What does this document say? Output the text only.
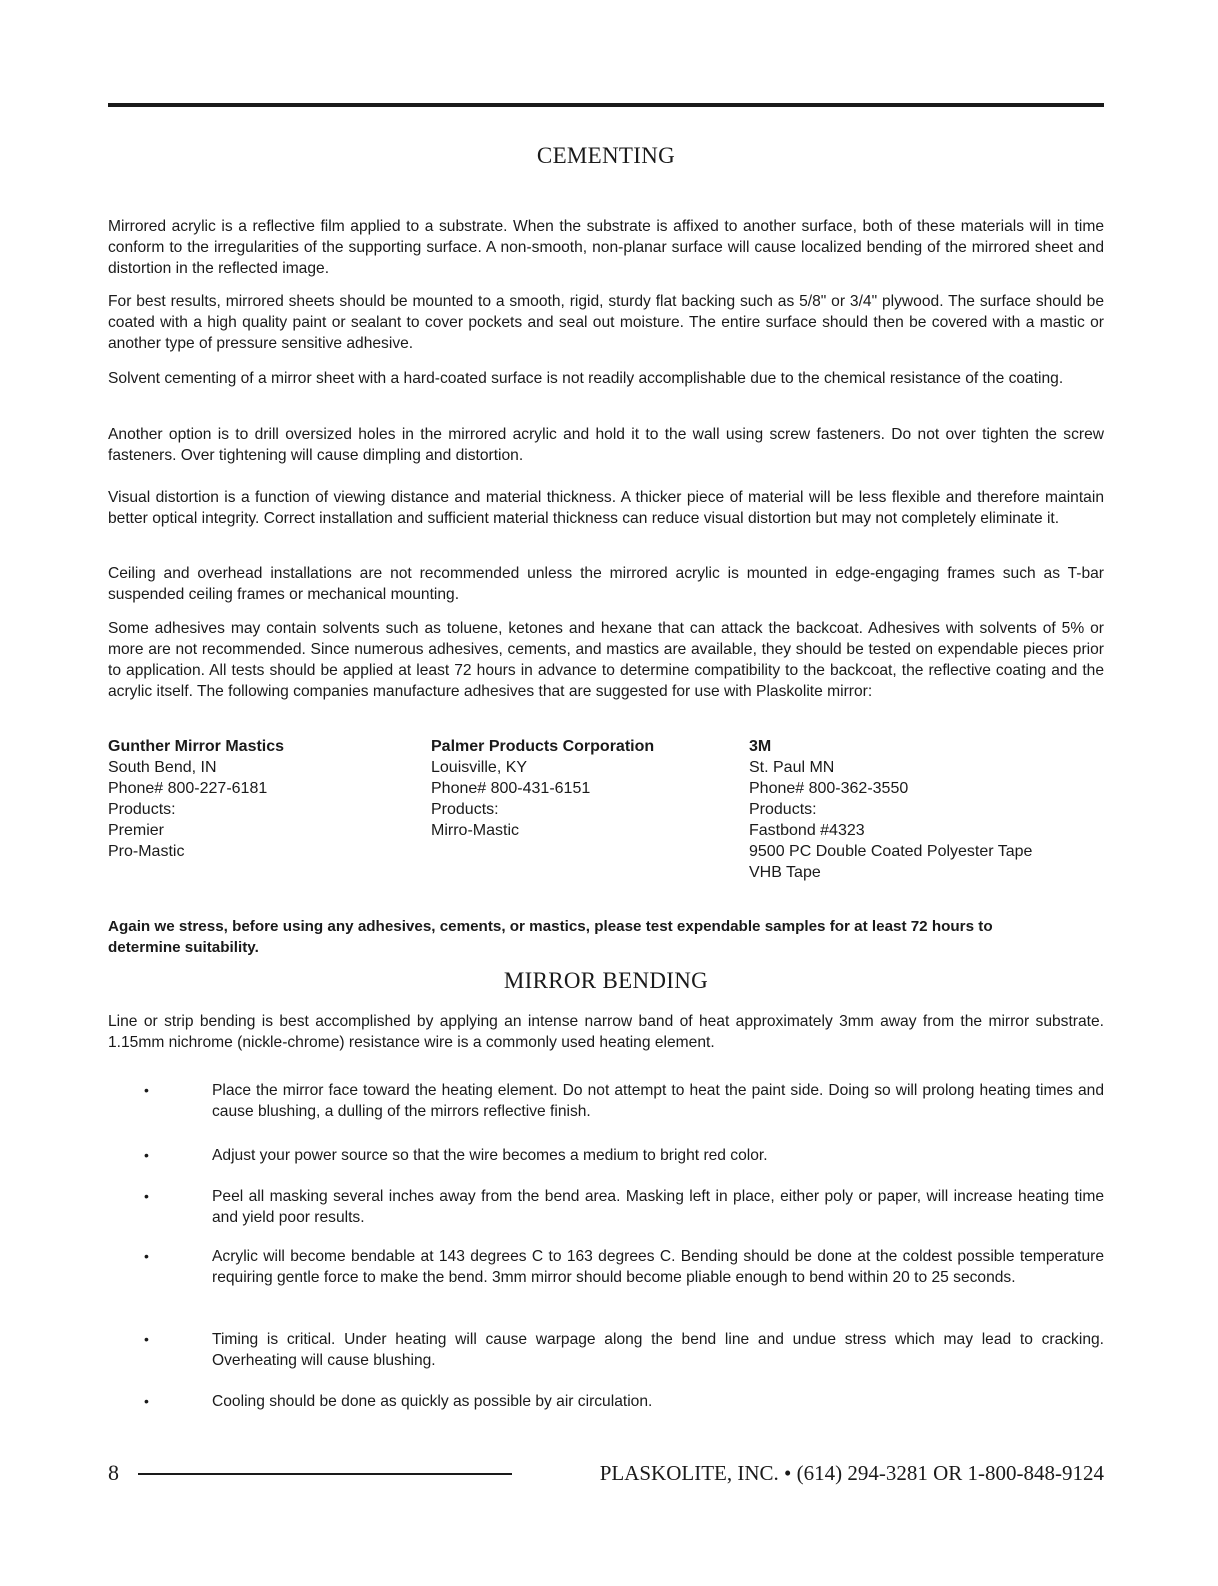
CEMENTING

Mirrored acrylic is a reflective film applied to a substrate. When the substrate is affixed to another surface, both of these materials will in time conform to the irregularities of the supporting surface. A non-smooth, non-planar surface will cause localized bending of the mirrored sheet and distortion in the reflected image.

For best results, mirrored sheets should be mounted to a smooth, rigid, sturdy flat backing such as 5/8" or 3/4" plywood. The surface should be coated with a high quality paint or sealant to cover pockets and seal out moisture. The entire surface should then be covered with a mastic or another type of pressure sensitive adhesive.

Solvent cementing of a mirror sheet with a hard-coated surface is not readily accomplishable due to the chemical resistance of the coating.

Another option is to drill oversized holes in the mirrored acrylic and hold it to the wall using screw fasteners. Do not over tighten the screw fasteners. Over tightening will cause dimpling and distortion.

Visual distortion is a function of viewing distance and material thickness. A thicker piece of material will be less flexible and therefore maintain better optical integrity. Correct installation and sufficient material thickness can reduce visual distortion but may not completely eliminate it.

Ceiling and overhead installations are not recommended unless the mirrored acrylic is mounted in edge-engaging frames such as T-bar suspended ceiling frames or mechanical mounting.

Some adhesives may contain solvents such as toluene, ketones and hexane that can attack the backcoat. Adhesives with solvents of 5% or more are not recommended. Since numerous adhesives, cements, and mastics are available, they should be tested on expendable pieces prior to application. All tests should be applied at least 72 hours in advance to determine compatibility to the backcoat, the reflective coating and the acrylic itself. The following companies manufacture adhesives that are suggested for use with Plaskolite mirror:

Gunther Mirror Mastics
South Bend, IN
Phone# 800-227-6181
Products:
Premier
Pro-Mastic
Palmer Products Corporation
Louisville, KY
Phone# 800-431-6151
Products:
Mirro-Mastic
3M
St. Paul MN
Phone# 800-362-3550
Products:
Fastbond #4323
9500 PC Double Coated Polyester Tape
VHB Tape

Again we stress, before using any adhesives, cements, or mastics, please test expendable samples for at least 72 hours to determine suitability.

MIRROR BENDING

Line or strip bending is best accomplished by applying an intense narrow band of heat approximately 3mm away from the mirror substrate. 1.15mm nichrome (nickle-chrome) resistance wire is a commonly used heating element.

•	Place the mirror face toward the heating element. Do not attempt to heat the paint side. Doing so will prolong heating times and cause blushing, a dulling of the mirrors reflective finish.
•	Adjust your power source so that the wire becomes a medium to bright red color.
•	Peel all masking several inches away from the bend area. Masking left in place, either poly or paper, will increase heating time and yield poor results.
•	Acrylic will become bendable at 143 degrees C to 163 degrees C. Bending should be done at the coldest possible temperature requiring gentle force to make the bend. 3mm mirror should become pliable enough to bend within 20 to 25 seconds.
•	Timing is critical. Under heating will cause warpage along the bend line and undue stress which may lead to cracking. Overheating will cause blushing.
•	Cooling should be done as quickly as possible by air circulation.
8	PLASKOLITE, INC. • (614) 294-3281 OR 1-800-848-9124
